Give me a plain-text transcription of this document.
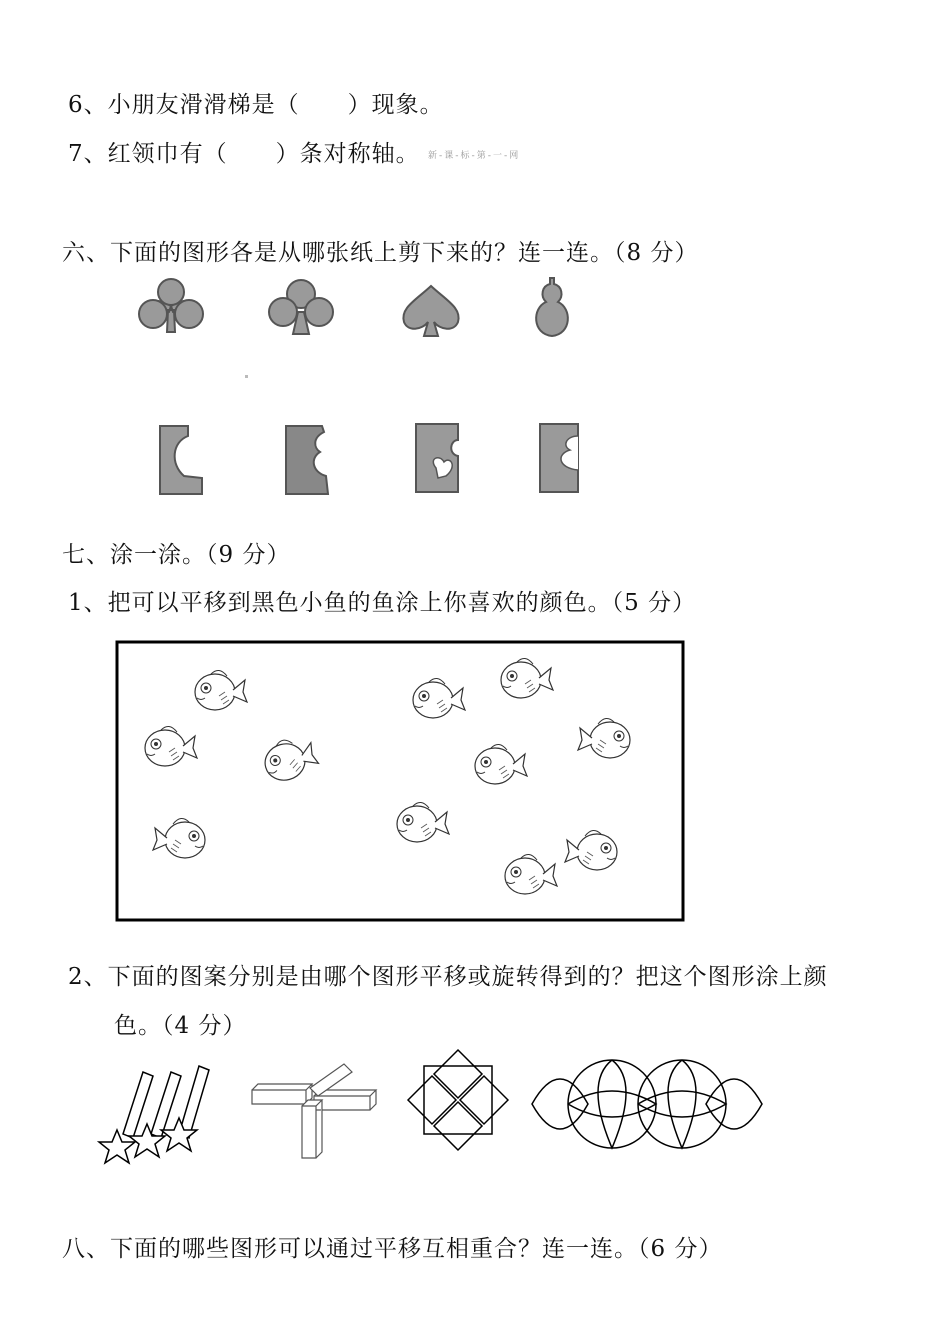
6、小朋友滑滑梯是（　　）现象。
7、红领巾有（　　）条对称轴。 新-课-标-第-一-网
六、下面的图形各是从哪张纸上剪下来的？连一连。（8 分）
七、涂一涂。（9 分）
1、把可以平移到黑色小鱼的鱼涂上你喜欢的颜色。（5 分）
2、下面的图案分别是由哪个图形平移或旋转得到的？把这个图形涂上颜
色。（4 分）
八、下面的哪些图形可以通过平移互相重合？连一连。（6 分）
